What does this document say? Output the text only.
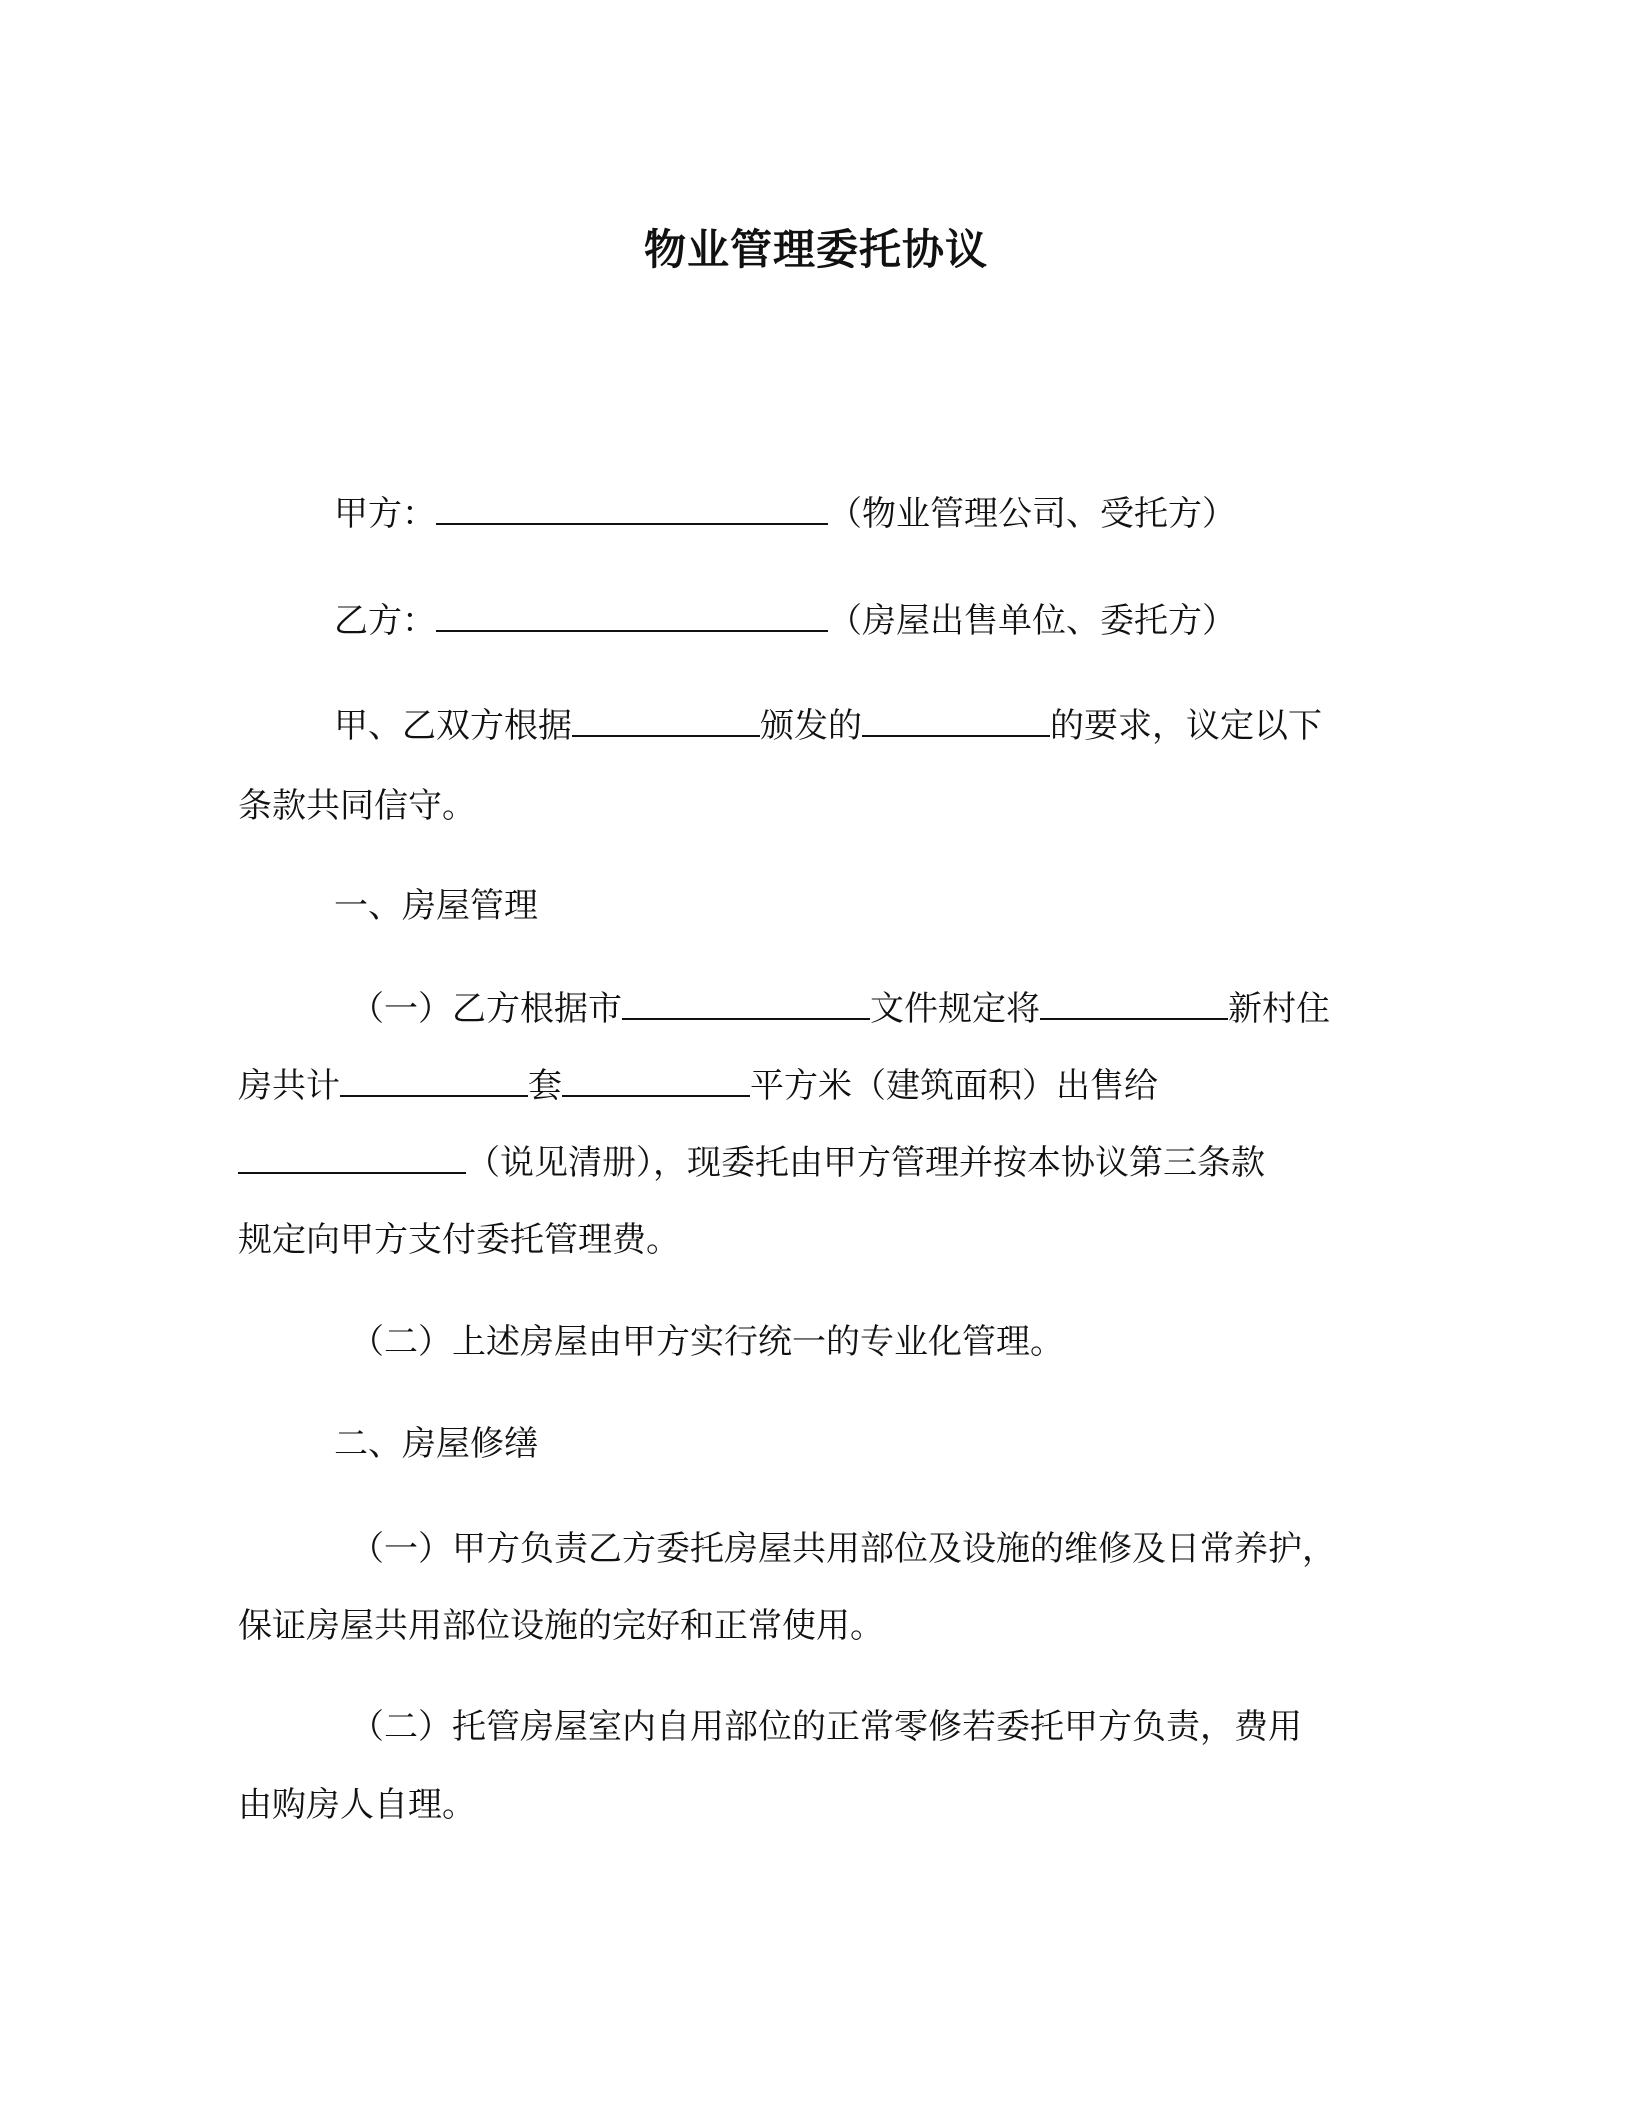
物业管理委托协议
甲方：	（物业管理公司、受托方）
乙方：	（房屋出售单位、委托方）
甲、乙双方根据	颁发的	的要求，议定以下
条款共同信守。
一、房屋管理
（一）乙方根据市	文件规定将	新村住
房共计	套	平方米（建筑面积）出售给
（说见清册），现委托由甲方管理并按本协议第三条款
规定向甲方支付委托管理费。
（二）上述房屋由甲方实行统一的专业化管理。
二、房屋修缮
（一）甲方负责乙方委托房屋共用部位及设施的维修及日常养护，
保证房屋共用部位设施的完好和正常使用。
（二）托管房屋室内自用部位的正常零修若委托甲方负责，费用
由购房人自理。
